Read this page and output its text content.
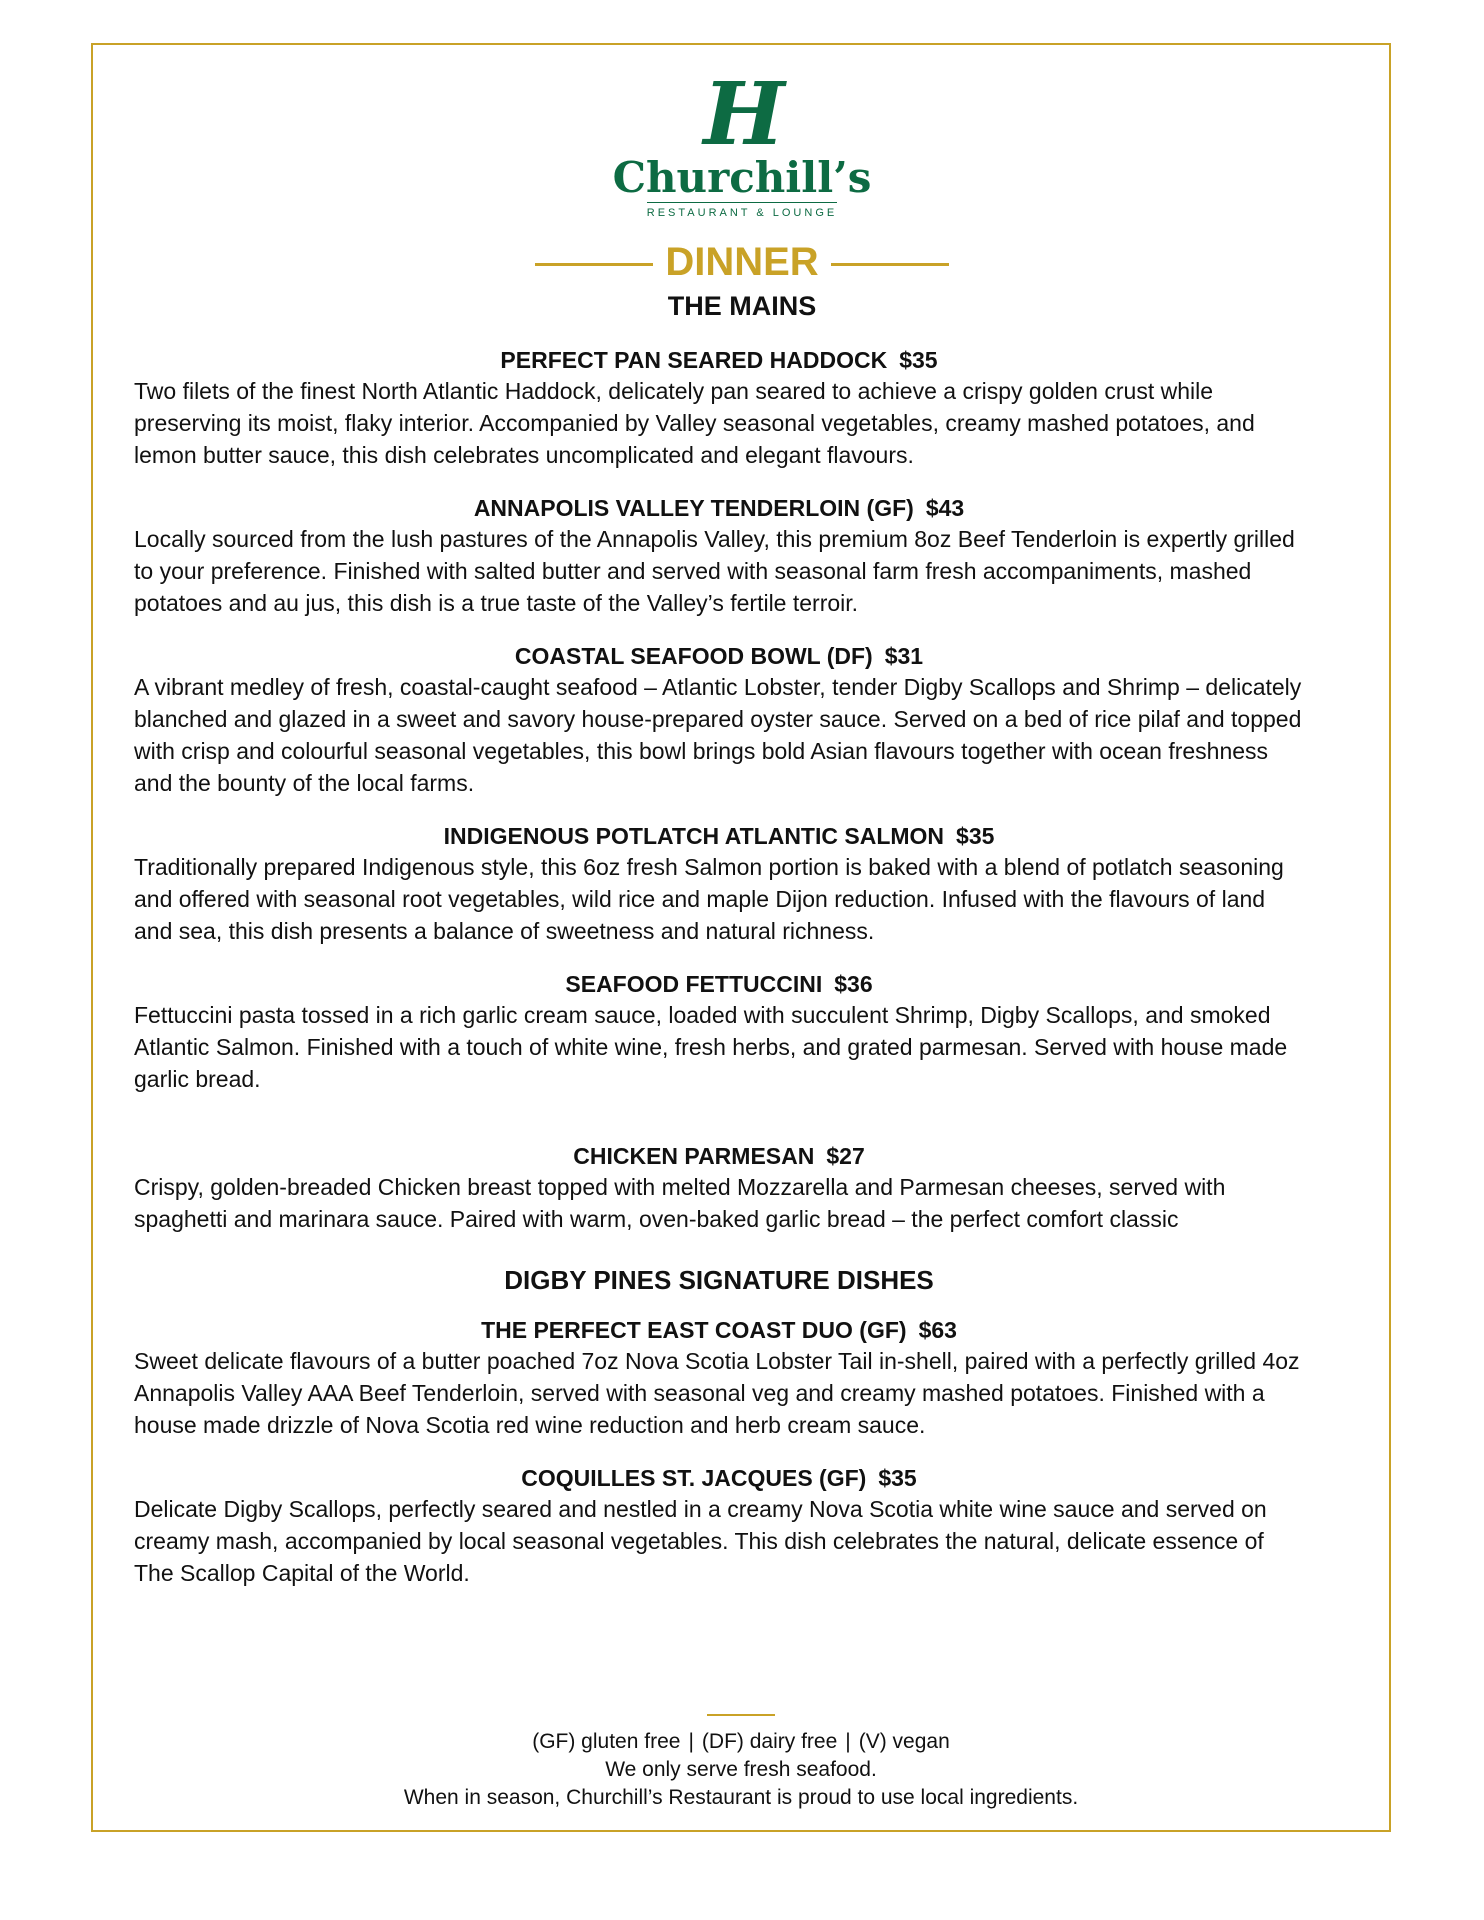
H
Churchill’s
RESTAURANT & LOUNGE
DINNER
THE MAINS
PERFECT PAN SEARED HADDOCK $35
Two filets of the finest North Atlantic Haddock, delicately pan seared to achieve a crispy golden crust while preserving its moist, flaky interior. Accompanied by Valley seasonal vegetables, creamy mashed potatoes, and lemon butter sauce, this dish celebrates uncomplicated and elegant flavours.
ANNAPOLIS VALLEY TENDERLOIN (GF) $43
Locally sourced from the lush pastures of the Annapolis Valley, this premium 8oz Beef Tenderloin is expertly grilled to your preference. Finished with salted butter and served with seasonal farm fresh accompaniments, mashed potatoes and au jus, this dish is a true taste of the Valley’s fertile terroir.
COASTAL SEAFOOD BOWL (DF) $31
A vibrant medley of fresh, coastal-caught seafood – Atlantic Lobster, tender Digby Scallops and Shrimp – delicately blanched and glazed in a sweet and savory house-prepared oyster sauce. Served on a bed of rice pilaf and topped with crisp and colourful seasonal vegetables, this bowl brings bold Asian flavours together with ocean freshness and the bounty of the local farms.
INDIGENOUS POTLATCH ATLANTIC SALMON $35
Traditionally prepared Indigenous style, this 6oz fresh Salmon portion is baked with a blend of potlatch seasoning and offered with seasonal root vegetables, wild rice and maple Dijon reduction. Infused with the flavours of land and sea, this dish presents a balance of sweetness and natural richness.
SEAFOOD FETTUCCINI $36
Fettuccini pasta tossed in a rich garlic cream sauce, loaded with succulent Shrimp, Digby Scallops, and smoked Atlantic Salmon. Finished with a touch of white wine, fresh herbs, and grated parmesan. Served with house made garlic bread.
CHICKEN PARMESAN $27
Crispy, golden-breaded Chicken breast topped with melted Mozzarella and Parmesan cheeses, served with spaghetti and marinara sauce. Paired with warm, oven-baked garlic bread – the perfect comfort classic
DIGBY PINES SIGNATURE DISHES
THE PERFECT EAST COAST DUO (GF) $63
Sweet delicate flavours of a butter poached 7oz Nova Scotia Lobster Tail in-shell, paired with a perfectly grilled 4oz Annapolis Valley AAA Beef Tenderloin, served with seasonal veg and creamy mashed potatoes. Finished with a house made drizzle of Nova Scotia red wine reduction and herb cream sauce.
COQUILLES ST. JACQUES (GF) $35
Delicate Digby Scallops, perfectly seared and nestled in a creamy Nova Scotia white wine sauce and served on creamy mash, accompanied by local seasonal vegetables. This dish celebrates the natural, delicate essence of The Scallop Capital of the World.
(GF) gluten free | (DF) dairy free | (V) vegan
We only serve fresh seafood.
When in season, Churchill’s Restaurant is proud to use local ingredients.
